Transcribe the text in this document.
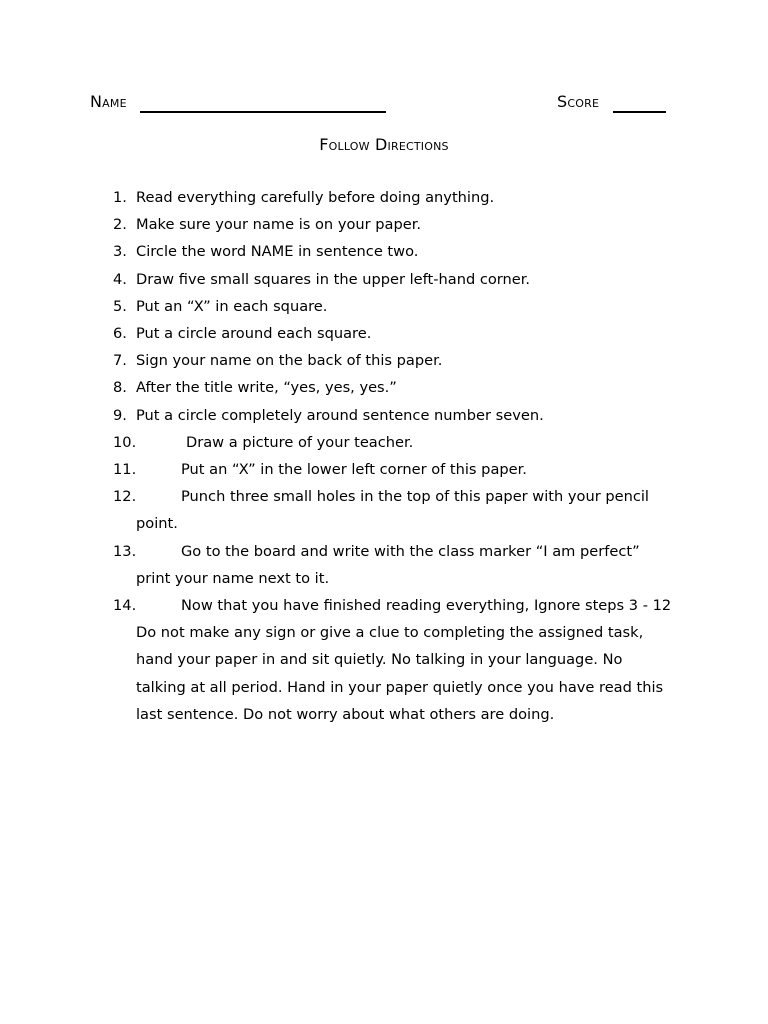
Name	Score
Follow Directions
1. Read everything carefully before doing anything.
2. Make sure your name is on your paper.
3. Circle the word NAME in sentence two.
4. Draw five small squares in the upper left-hand corner.
5. Put an “X” in each square.
6. Put a circle around each square.
7. Sign your name on the back of this paper.
8. After the title write, “yes, yes, yes.”
9. Put a circle completely around sentence number seven.
10.	Draw a picture of your teacher.
11.	Put an “X” in the lower left corner of this paper.
12.	Punch three small holes in the top of this paper with your pencil point.
13.	Go to the board and write with the class marker “I am perfect” print your name next to it.
14.	Now that you have finished reading everything, Ignore steps 3 - 12 Do not make any sign or give a clue to completing the assigned task, hand your paper in and sit quietly. No talking in your language. No talking at all period. Hand in your paper quietly once you have read this last sentence. Do not worry about what others are doing.
